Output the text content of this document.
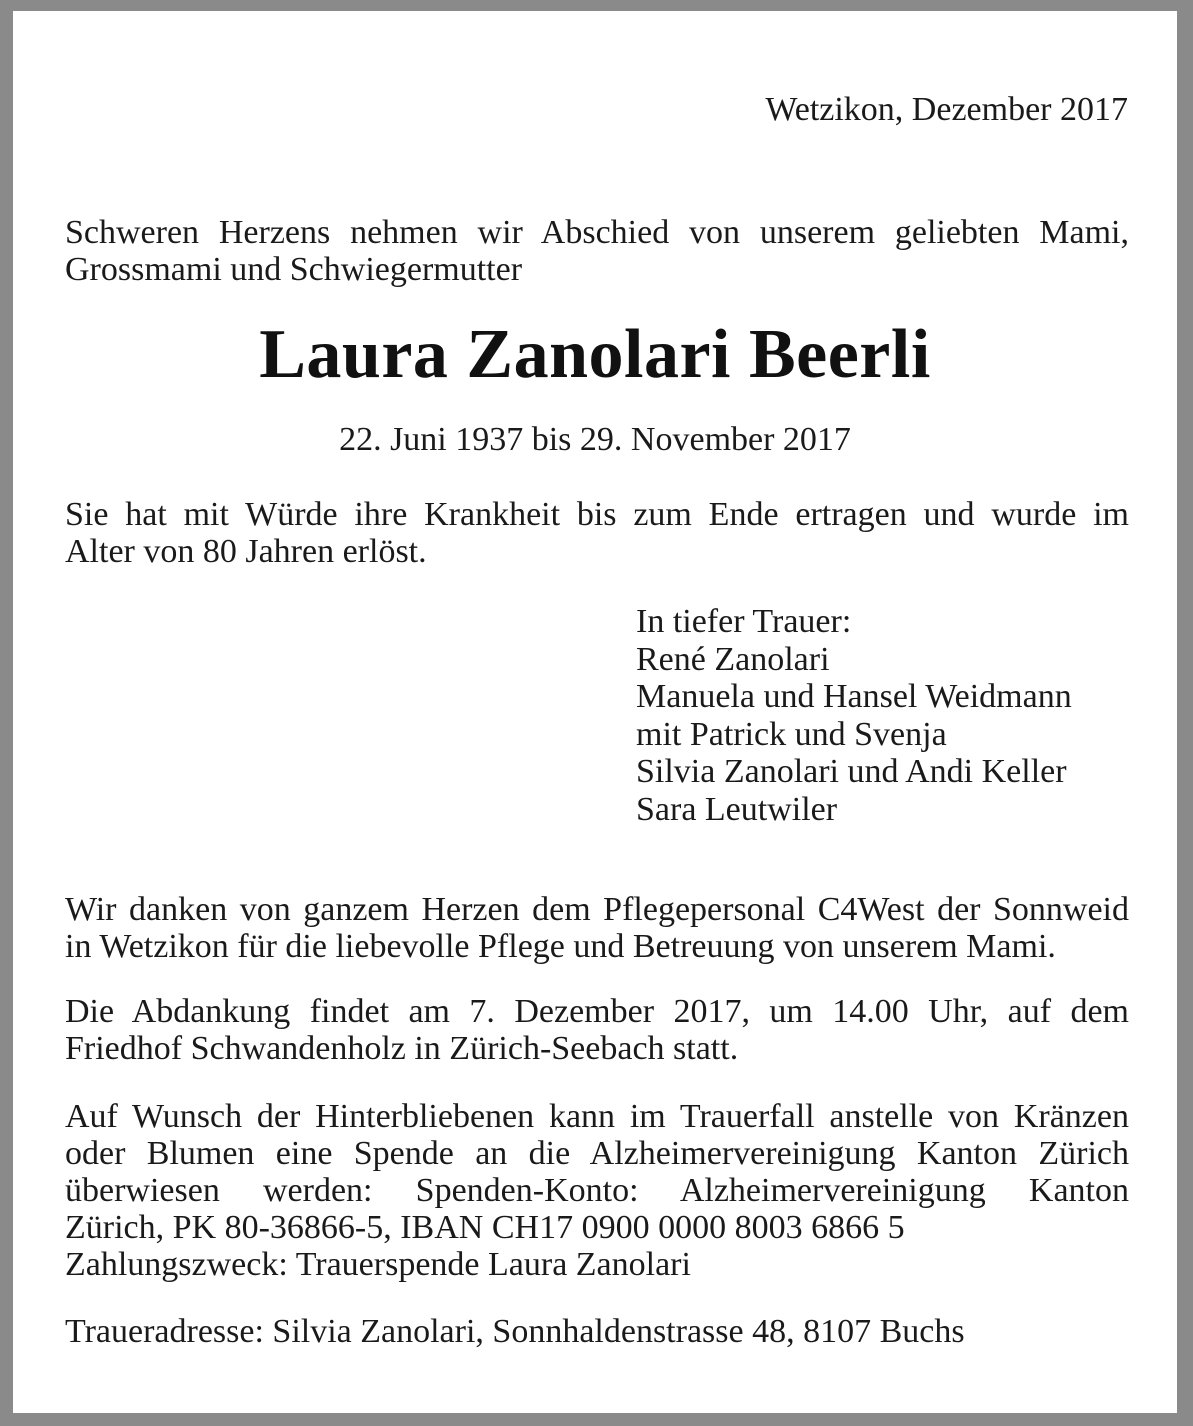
Wetzikon, Dezember 2017
Schweren Herzens nehmen wir Abschied von unserem geliebten Mami,
Grossmami und Schwiegermutter
Laura Zanolari Beerli
22. Juni 1937 bis 29. November 2017
Sie hat mit Würde ihre Krankheit bis zum Ende ertragen und wurde im
Alter von 80 Jahren erlöst.
In tiefer Trauer:
René Zanolari
Manuela und Hansel Weidmann
mit Patrick und Svenja
Silvia Zanolari und Andi Keller
Sara Leutwiler
Wir danken von ganzem Herzen dem Pflegepersonal C4West der Sonnweid
in Wetzikon für die liebevolle Pflege und Betreuung von unserem Mami.
Die Abdankung findet am 7. Dezember 2017, um 14.00 Uhr, auf dem
Friedhof Schwandenholz in Zürich-Seebach statt.
Auf Wunsch der Hinterbliebenen kann im Trauerfall anstelle von Kränzen
oder Blumen eine Spende an die Alzheimervereinigung Kanton Zürich
überwiesen werden: Spenden-Konto: Alzheimervereinigung Kanton
Zürich, PK 80-36866-5, IBAN CH17 0900 0000 8003 6866 5
Zahlungszweck: Trauerspende Laura Zanolari
Traueradresse: Silvia Zanolari, Sonnhaldenstrasse 48, 8107 Buchs
